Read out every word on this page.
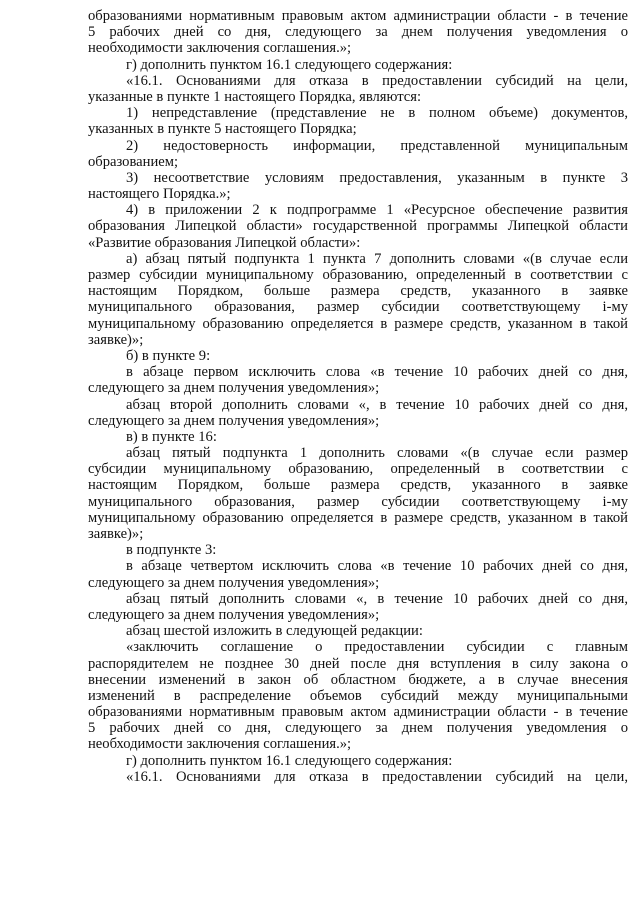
образованиями нормативным правовым актом администрации области - в течение
5 рабочих дней со дня, следующего за днем получения уведомления о
необходимости заключения соглашения.»;
г) дополнить пунктом 16.1 следующего содержания:
«16.1. Основаниями для отказа в предоставлении субсидий на цели,
указанные в пункте 1 настоящего Порядка, являются:
1) непредставление (представление не в полном объеме) документов,
указанных в пункте 5 настоящего Порядка;
2) недостоверность информации, представленной муниципальным
образованием;
3) несоответствие условиям предоставления, указанным в пункте 3
настоящего Порядка.»;
4) в приложении 2 к подпрограмме 1 «Ресурсное обеспечение развития
образования Липецкой области» государственной программы Липецкой области
«Развитие образования Липецкой области»:
а) абзац пятый подпункта 1 пункта 7 дополнить словами «(в случае если
размер субсидии муниципальному образованию, определенный в соответствии с
настоящим Порядком, больше размера средств, указанного в заявке
муниципального образования, размер субсидии соответствующему i-му
муниципальному образованию определяется в размере средств, указанном в такой
заявке)»;
б) в пункте 9:
в абзаце первом исключить слова «в течение 10 рабочих дней со дня,
следующего за днем получения уведомления»;
абзац второй дополнить словами «, в течение 10 рабочих дней со дня,
следующего за днем получения уведомления»;
в) в пункте 16:
абзац пятый подпункта 1 дополнить словами «(в случае если размер
субсидии муниципальному образованию, определенный в соответствии с
настоящим Порядком, больше размера средств, указанного в заявке
муниципального образования, размер субсидии соответствующему i-му
муниципальному образованию определяется в размере средств, указанном в такой
заявке)»;
в подпункте 3:
в абзаце четвертом исключить слова «в течение 10 рабочих дней со дня,
следующего за днем получения уведомления»;
абзац пятый дополнить словами «, в течение 10 рабочих дней со дня,
следующего за днем получения уведомления»;
абзац шестой изложить в следующей редакции:
«заключить соглашение о предоставлении субсидии с главным
распорядителем не позднее 30 дней после дня вступления в силу закона о
внесении изменений в закон об областном бюджете, а в случае внесения
изменений в распределение объемов субсидий между муниципальными
образованиями нормативным правовым актом администрации области - в течение
5 рабочих дней со дня, следующего за днем получения уведомления о
необходимости заключения соглашения.»;
г) дополнить пунктом 16.1 следующего содержания:
«16.1. Основаниями для отказа в предоставлении субсидий на цели,
